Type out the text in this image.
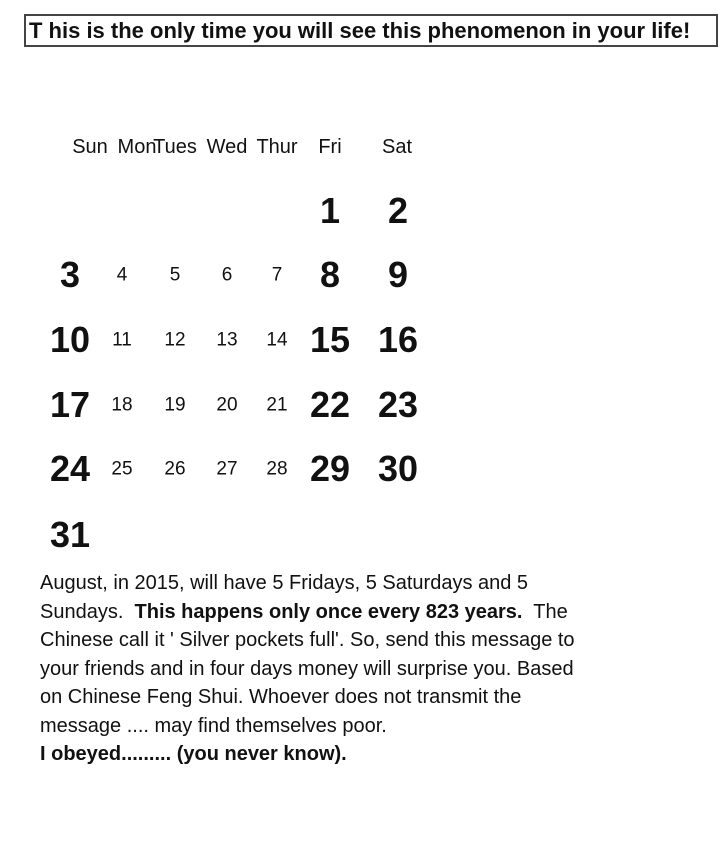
T his is the only time you will see this phenomenon in your life!
Sun Mon
Tues Wed Thur Fri Sat
1 2
3 4 5 6 7 8 9
10 11 12 13 14 15 16
17 18 19 20 21 22 23
24 25 26 27 28 29 30
31

August, in 2015, will have 5 Fridays, 5 Saturdays and 5 Sundays. This happens only once every 823 years. The Chinese call it ' Silver pockets full'. So, send this message to your friends and in four days money will surprise you. Based on Chinese Feng Shui. Whoever does not transmit the message .... may find themselves poor.

I obeyed......... (you never know).
